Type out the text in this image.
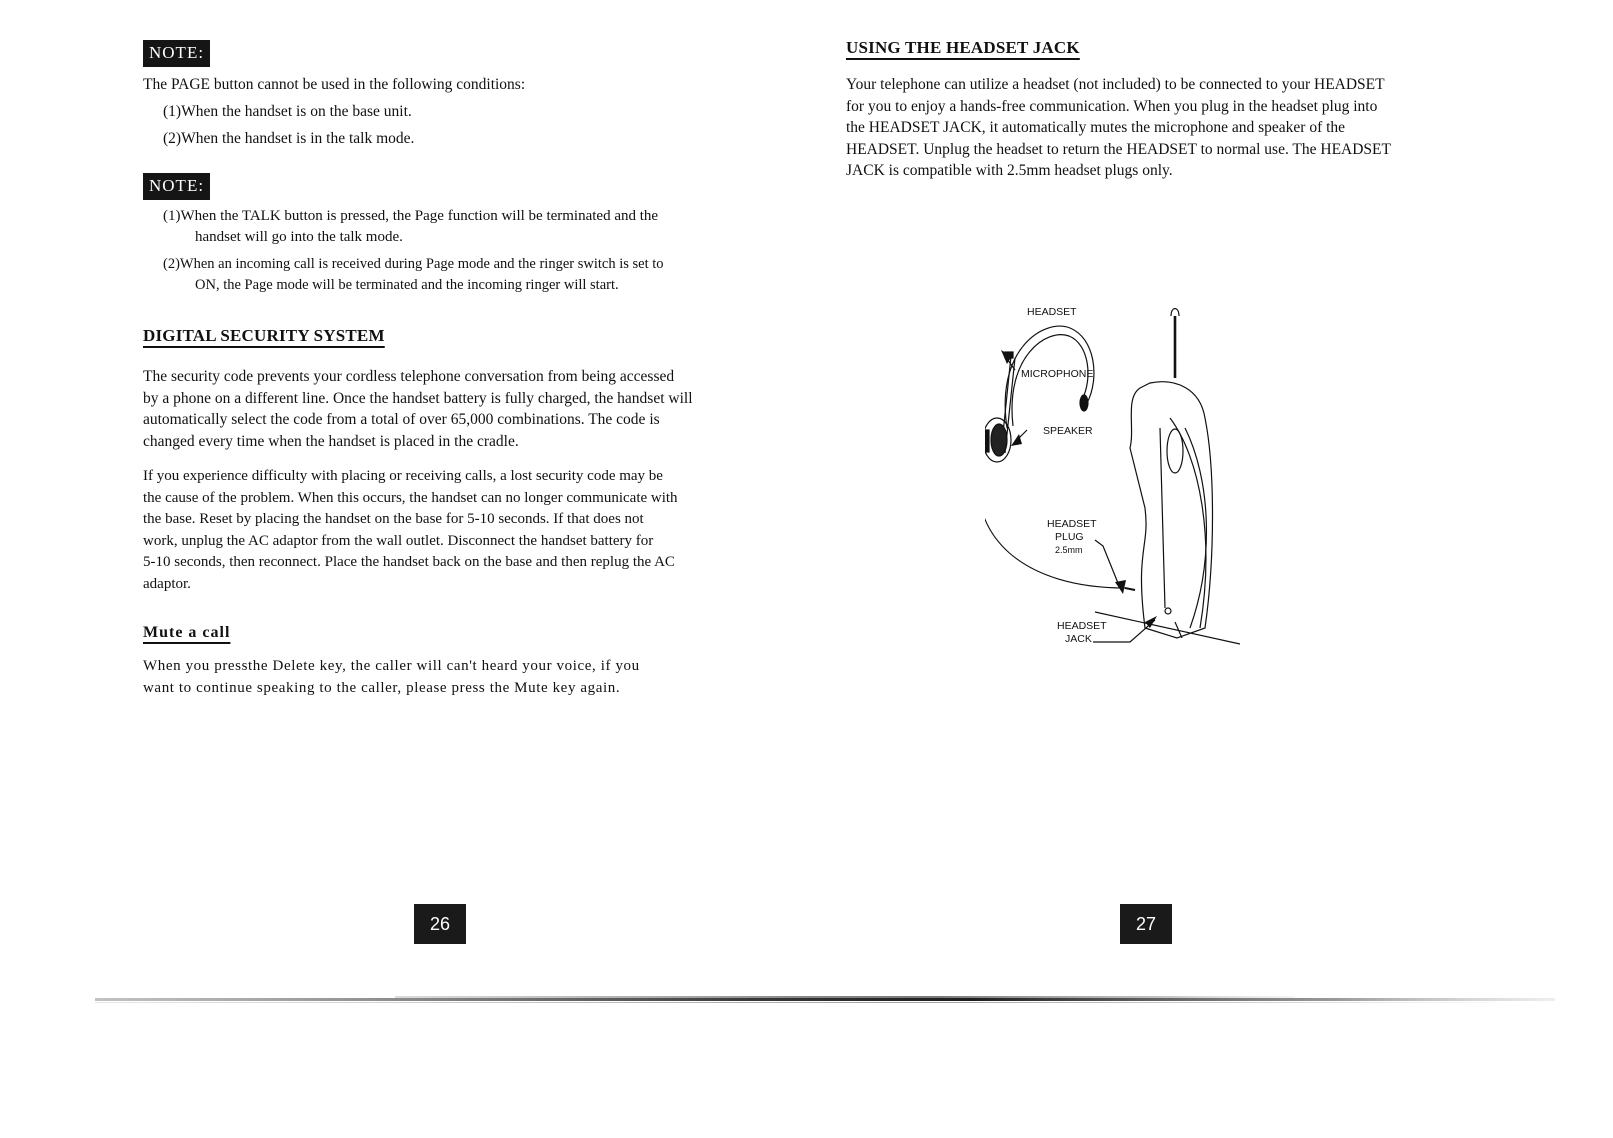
NOTE:

The PAGE button cannot be used in the following conditions:

(1)When the handset is on the base unit.

(2)When the handset is in the talk mode.

NOTE:

(1)When the TALK button is pressed, the Page function will be terminated and the
handset will go into the talk mode.

(2)When an incoming call is received during Page mode and the ringer switch is set to
ON, the Page mode will be terminated and the incoming ringer will start.

DIGITAL SECURITY SYSTEM
The security code prevents your cordless telephone conversation from being accessed
by a phone on a different line. Once the handset battery is fully charged, the handset will
automatically select the code from a total of over 65,000 combinations. The code is
changed every time when the handset is placed in the cradle.
If you experience difficulty with placing or receiving calls, a lost security code may be
the cause of the problem. When this occurs, the handset can no longer communicate with
the base. Reset by placing the handset on the base for 5-10 seconds. If that does not
work, unplug the AC adaptor from the wall outlet. Disconnect the handset battery for
5-10 seconds, then reconnect. Place the handset back on the base and then replug the AC
adaptor.
Mute a call
When you pressthe Delete key, the caller will can't heard your voice, if you
want to continue speaking to the caller, please press the Mute key again.
26
USING THE HEADSET JACK
Your telephone can utilize a headset (not included) to be connected to your HEADSET
for you to enjoy a hands-free communication. When you plug in the headset plug into
the HEADSET JACK, it automatically mutes the microphone and speaker of the
HEADSET. Unplug the headset to return the HEADSET to normal use. The HEADSET
JACK is compatible with 2.5mm headset plugs only.
27
HEADSET
MICROPHONE
SPEAKER
HEADSET
PLUG
2.5mm
HEADSET
JACK
